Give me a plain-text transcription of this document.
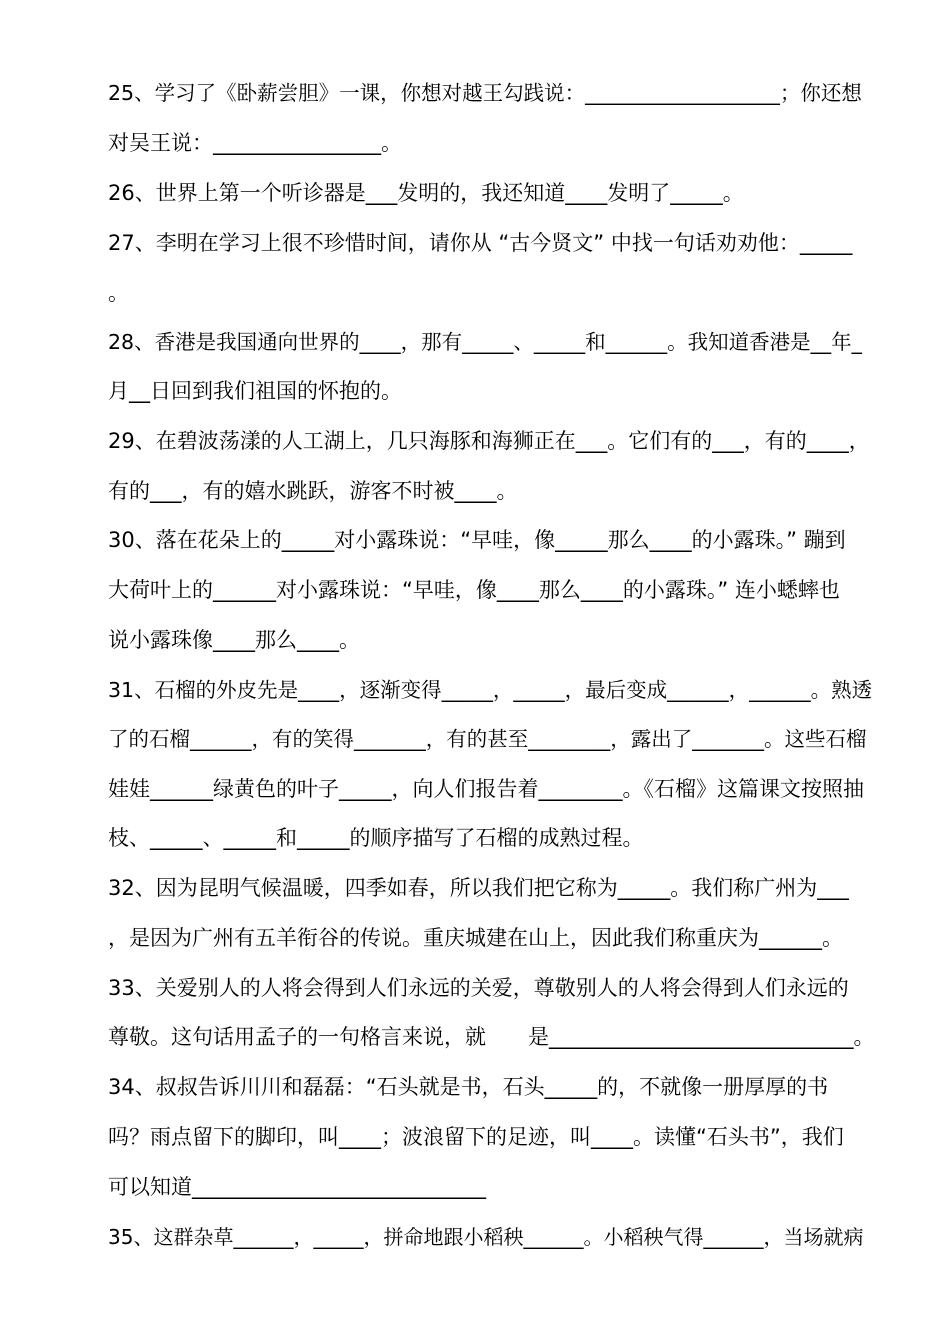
25、学习了《卧薪尝胆》一课，你想对越王勾践说：___________________；你还想
对吴王说：________________。
26、世界上第一个听诊器是___发明的，我还知道____发明了_____。
27、李明在学习上很不珍惜时间，请你从 “古今贤文” 中找一句话劝劝他：_____
。
28、香港是我国通向世界的____，那有_____、_____和______。我知道香港是__年_
月__日回到我们祖国的怀抱的。
29、在碧波荡漾的人工湖上，几只海豚和海狮正在___。它们有的___，有的____，
有的___，有的嬉水跳跃，游客不时被____。
30、落在花朵上的_____对小露珠说：“早哇，像_____那么____的小露珠。” 蹦到
大荷叶上的______对小露珠说：“早哇，像____那么____的小露珠。” 连小蟋蟀也
说小露珠像____那么____。
31、石榴的外皮先是____，逐渐变得_____，_____，最后变成______，______。熟透
了的石榴______，有的笑得_______，有的甚至________，露出了_______。这些石榴
娃娃______绿黄色的叶子_____，向人们报告着________。《石榴》这篇课文按照抽
枝、_____、_____和_____的顺序描写了石榴的成熟过程。
32、因为昆明气候温暖，四季如春，所以我们把它称为_____。我们称广州为___
，是因为广州有五羊衔谷的传说。重庆城建在山上，因此我们称重庆为______。
33、关爱别人的人将会得到人们永远的关爱，尊敬别人的人将会得到人们永远的
尊敬。这句话用孟子的一句格言来说，就　　是_____________________________。
34、叔叔告诉川川和磊磊：“石头就是书，石头_____的，不就像一册厚厚的书
吗？雨点留下的脚印，叫____；波浪留下的足迹，叫____。读懂“石头书”，我们
可以知道____________________________
35、这群杂草______，_____，拼命地跟小稻秧______。小稻秧气得______，当场就病
